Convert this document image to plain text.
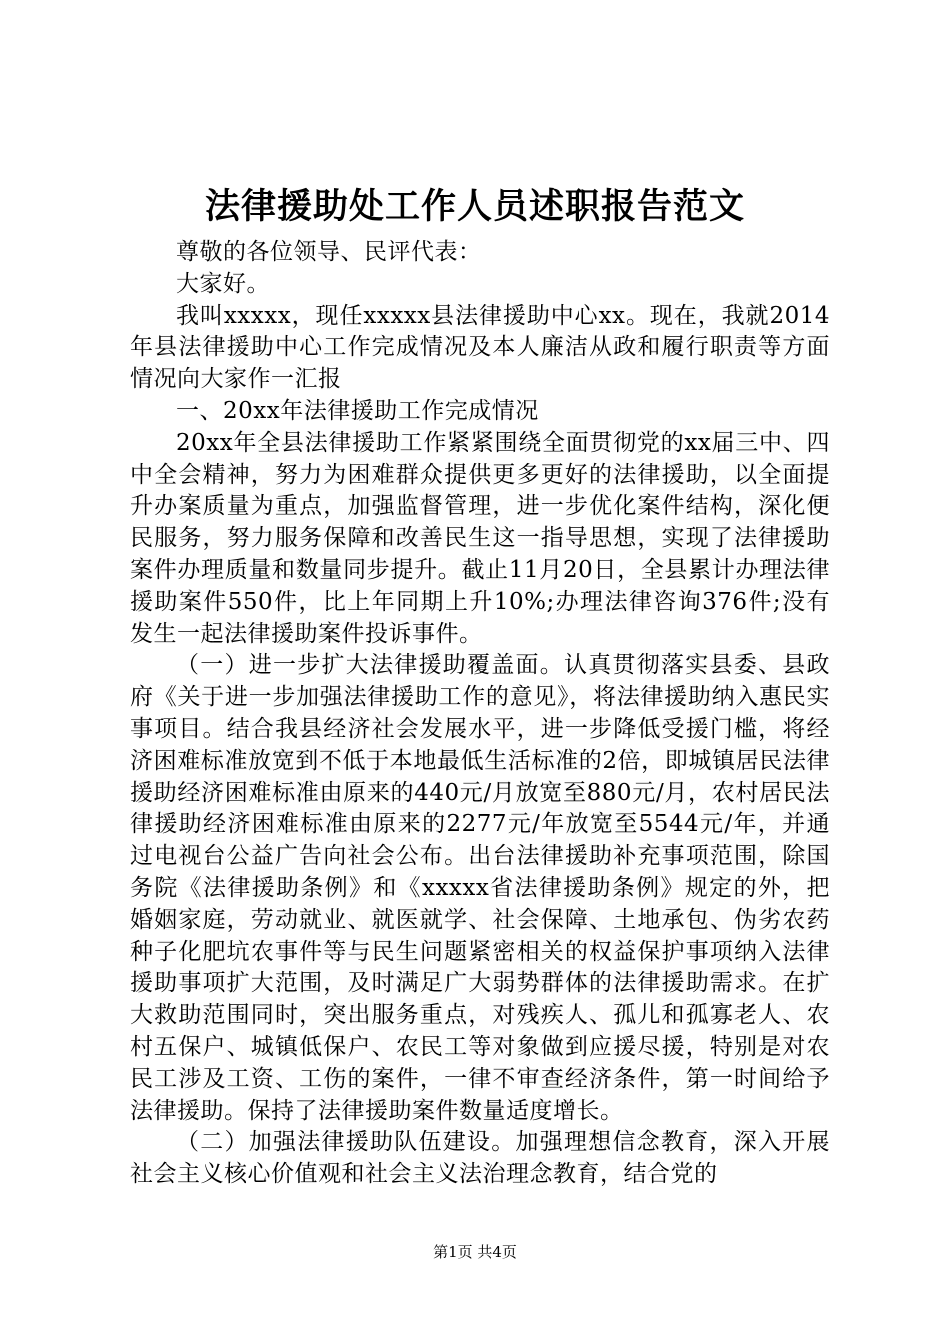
法律援助处工作人员述职报告范文

尊敬的各位领导、民评代表：

大家好。

我叫xxxxx，现任xxxxx县法律援助中心xx。现在，我就2014年县法律援助中心工作完成情况及本人廉洁从政和履行职责等方面情况向大家作一汇报

一、20xx年法律援助工作完成情况

20xx年全县法律援助工作紧紧围绕全面贯彻党的xx届三中、四中全会精神，努力为困难群众提供更多更好的法律援助，以全面提升办案质量为重点，加强监督管理，进一步优化案件结构，深化便民服务，努力服务保障和改善民生这一指导思想，实现了法律援助案件办理质量和数量同步提升。截止11月20日，全县累计办理法律援助案件550件，比上年同期上升10%;办理法律咨询376件;没有发生一起法律援助案件投诉事件。

（一）进一步扩大法律援助覆盖面。认真贯彻落实县委、县政府《关于进一步加强法律援助工作的意见》，将法律援助纳入惠民实事项目。结合我县经济社会发展水平，进一步降低受援门槛，将经济困难标准放宽到不低于本地最低生活标准的2倍，即城镇居民法律援助经济困难标准由原来的440元/月放宽至880元/月，农村居民法律援助经济困难标准由原来的2277元/年放宽至5544元/年，并通过电视台公益广告向社会公布。出台法律援助补充事项范围，除国务院《法律援助条例》和《xxxxx省法律援助条例》规定的外，把婚姻家庭，劳动就业、就医就学、社会保障、土地承包、伪劣农药种子化肥坑农事件等与民生问题紧密相关的权益保护事项纳入法律援助事项扩大范围，及时满足广大弱势群体的法律援助需求。在扩大救助范围同时，突出服务重点，对残疾人、孤儿和孤寡老人、农村五保户、城镇低保户、农民工等对象做到应援尽援，特别是对农民工涉及工资、工伤的案件，一律不审查经济条件，第一时间给予法律援助。保持了法律援助案件数量适度增长。

（二）加强法律援助队伍建设。加强理想信念教育，深入开展社会主义核心价值观和社会主义法治理念教育，结合党的

第1页 共4页
